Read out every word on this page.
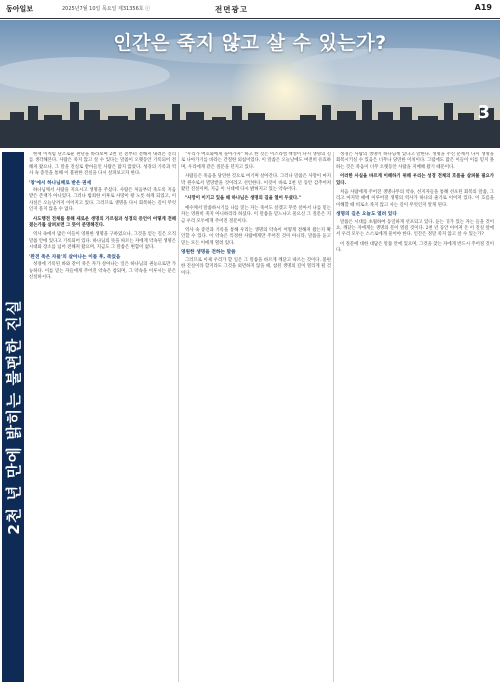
동아일보	2025년7월 10일 목요일 제31356호 ⓒ	전면광고	A19
인간은 죽지 않고 살 수 있는가?
3
2천 년 만에 밝히는 불편한 진실

현재 이처럼 단조로운 판단을 바라보며 2천 년 전부터 전해져 내려온 진리를 생각해본다. 사람은 죽지 않고 살 수 있다는 말씀이 오랫동안 기록되어 전해져 왔으나, 그 말을 진실로 받아들인 사람은 많지 않았다. 성경의 기록과 역사 속 증언을 통해 이 불편한 진실을 다시 살펴보고자 한다.

'창'에서 하나님께로 받은 권세

하나님께서 사람을 지으시고 생명을 주셨다. 사람은 처음부터 죽도록 지음 받은 존재가 아니었다. 그러나 범죄한 이후로 사망이 왕 노릇 하게 되었고, 이 사실은 오늘날까지 이어지고 있다. 그러므로 생명을 다시 회복하는 길이 무엇인지 묻지 않을 수 없다.

사도행전 전체를 통해 새로운 생명의 가르침과 성경의 증언이 어떻게 전해졌는가를 살펴보면 그 뜻이 분명해진다.

역사 속에서 많은 이들이 영원한 생명을 구하였으나, 그것을 얻는 길은 오직 말씀 안에 있다고 기록되어 있다. 하나님의 뜻을 따르는 자에게 약속된 생명은 시대와 장소를 넘어 전해져 왔으며, 지금도 그 말씀은 변함이 없다.

'완전 죽은 자들'의 살아나는 이름 후, 죽었음

성경에 기록된 바와 같이 죽은 자가 살아나는 일은 하나님의 권능으로만 가능하다. 이를 믿는 자들에게 주어진 약속은 참되며, 그 약속을 이루시는 분은 신실하시다.

"우리가 여호와에게 돌아가자" 하고 한 것은 이스라엘 백성이 다시 생명의 길로 나아가기를 바라는 간절한 외침이었다. 이 말씀은 오늘날에도 여전히 유효하며, 우리에게 같은 질문을 던지고 있다.

사람들은 죽음을 당연한 것으로 여기며 살아간다. 그러나 말씀은 사망이 마지막 원수로서 멸망받을 것이라고 선언한다. 이것이 바로 2천 년 동안 감추어져 왔던 진실이며, 지금 이 시대에 다시 밝혀지고 있는 약속이다.

"사망이 이기고 있을 때 하나님은 생명의 길을 열어 두셨다."

예수께서 말씀하시기를 나를 믿는 자는 죽어도 살겠고 무릇 살아서 나를 믿는 자는 영원히 죽지 아니하리라 하셨다. 이 말씀을 믿느냐고 물으신 그 질문은 지금 우리 모두에게 주어진 질문이다.

역사 속 증언과 기록을 통해 우리는 생명의 약속이 어떻게 전해져 왔는지 확인할 수 있다. 이 약속은 특정한 사람에게만 주어진 것이 아니라, 말씀을 듣고 믿는 모든 이에게 열려 있다.

영원한 생명을 전하는 말씀

그러므로 이제 우리가 할 일은 그 말씀을 바르게 깨닫고 따르는 것이다. 불편한 진실이라 할지라도 그것을 외면하지 않을 때, 참된 생명의 길이 열리게 될 것이다.

성경은 사람의 생명이 하나님께 있다고 말한다. 생명을 주신 분께서 다시 생명을 회복시키실 수 있음은 너무나 당연한 이치이다. 그럼에도 많은 이들이 이를 믿지 못하는 것은 죽음이 너무 오랫동안 사람을 지배해 왔기 때문이다.

이러한 사실을 바르게 이해하기 위해 우리는 성경 전체의 흐름을 살펴볼 필요가 있다.

처음 사람에게 주어진 생명나무의 약속, 선지자들을 통해 선포된 회복의 말씀, 그리고 마지막 때에 이루어질 생명의 역사가 하나의 줄기로 이어져 있다. 이 흐름을 이해할 때 비로소 죽지 않고 사는 길이 무엇인지 알게 된다.

생명의 길은 오늘도 열려 있다

말씀은 시대를 초월하여 동일하게 선포되고 있다. 듣는 귀가 있는 자는 들을 것이요, 깨닫는 자에게는 생명의 문이 열릴 것이다. 2천 년 동안 이어져 온 이 진실 앞에서 우리 모두는 스스로에게 물어야 한다. 인간은 정말 죽지 않고 살 수 있는가?

이 질문에 대한 대답은 말씀 안에 있으며, 그것을 찾는 자에게 반드시 주어질 것이다.
